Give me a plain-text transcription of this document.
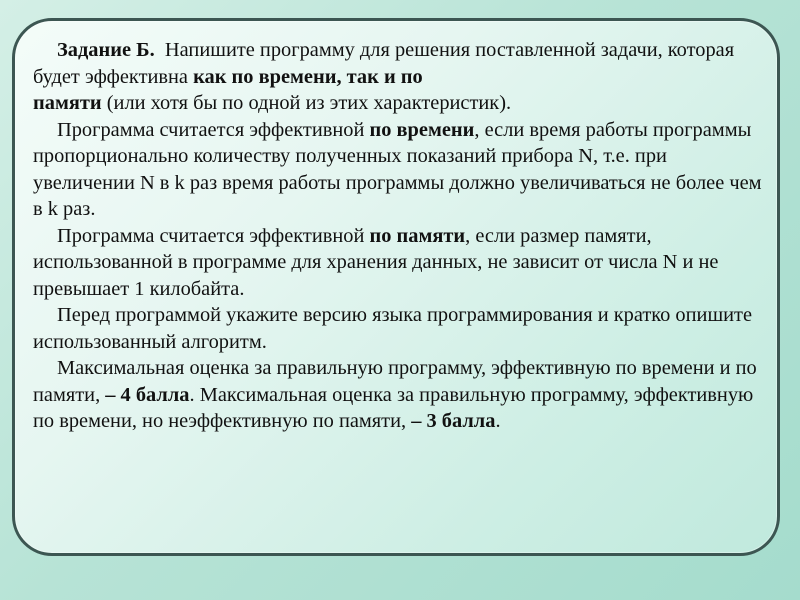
Задание Б. Напишите программу для решения поставленной задачи, которая будет эффективна как по времени, так и по
памяти (или хотя бы по одной из этих характеристик).

Программа считается эффективной по времени, если время работы программы пропорционально количеству полученных показаний прибора N, т.е. при увеличении N в k раз время работы программы должно увеличиваться не более чем в k раз.

Программа считается эффективной по памяти, если размер памяти, использованной в программе для хранения данных, не зависит от числа N и не превышает 1 килобайта.

Перед программой укажите версию языка программирования и кратко опишите использованный алгоритм.

Максимальная оценка за правильную программу, эффективную по времени и по памяти, – 4 балла. Максимальная оценка за правильную программу, эффективную по времени, но неэффективную по памяти, – 3 балла.
